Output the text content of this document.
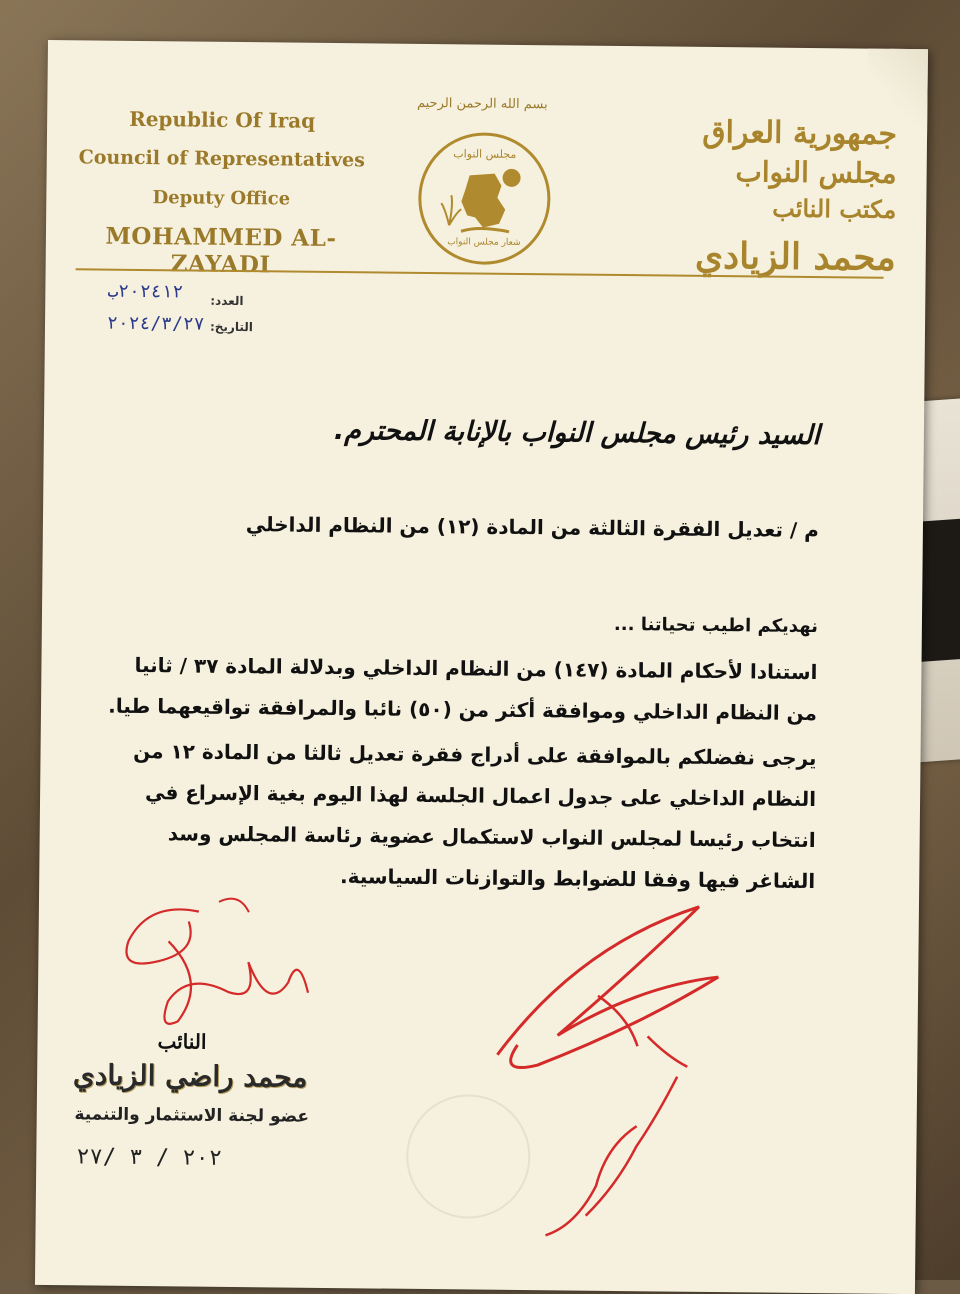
بسم الله الرحمن الرحيم
Republic Of Iraq
Council of Representatives
Deputy Office
MOHAMMED AL-ZAYADI
جمهورية العراق
مجلس النواب
مكتب النائب
محمد الزيادي
مجلس النواب
شعار مجلس النواب
العدد:
٢٠٢٤١٢ب
التاريخ:
٢٠٢٤/٣/٢٧
السيد رئيس مجلس النواب بالإنابة المحترم.
م / تعديل الفقرة الثالثة من المادة (١٢) من النظام الداخلي
نهديكم اطيب تحياتنا ...
استنادا لأحكام المادة (١٤٧) من النظام الداخلي وبدلالة المادة ٣٧ / ثانيا من النظام الداخلي وموافقة أكثر من (٥٠) نائبا والمرافقة تواقيعهما طيا.
يرجى نفضلكم بالموافقة على أدراج فقرة تعديل ثالثا من المادة ١٢ من النظام الداخلي على جدول اعمال الجلسة لهذا اليوم بغية الإسراع في انتخاب رئيسا لمجلس النواب لاستكمال عضوية رئاسة المجلس وسد الشاغر فيها وفقا للضوابط والتوازنات السياسية.
النائب
محمد راضي الزيادي
عضو لجنة الاستثمار والتنمية
٢٠٢ / ٣ /٢٧
